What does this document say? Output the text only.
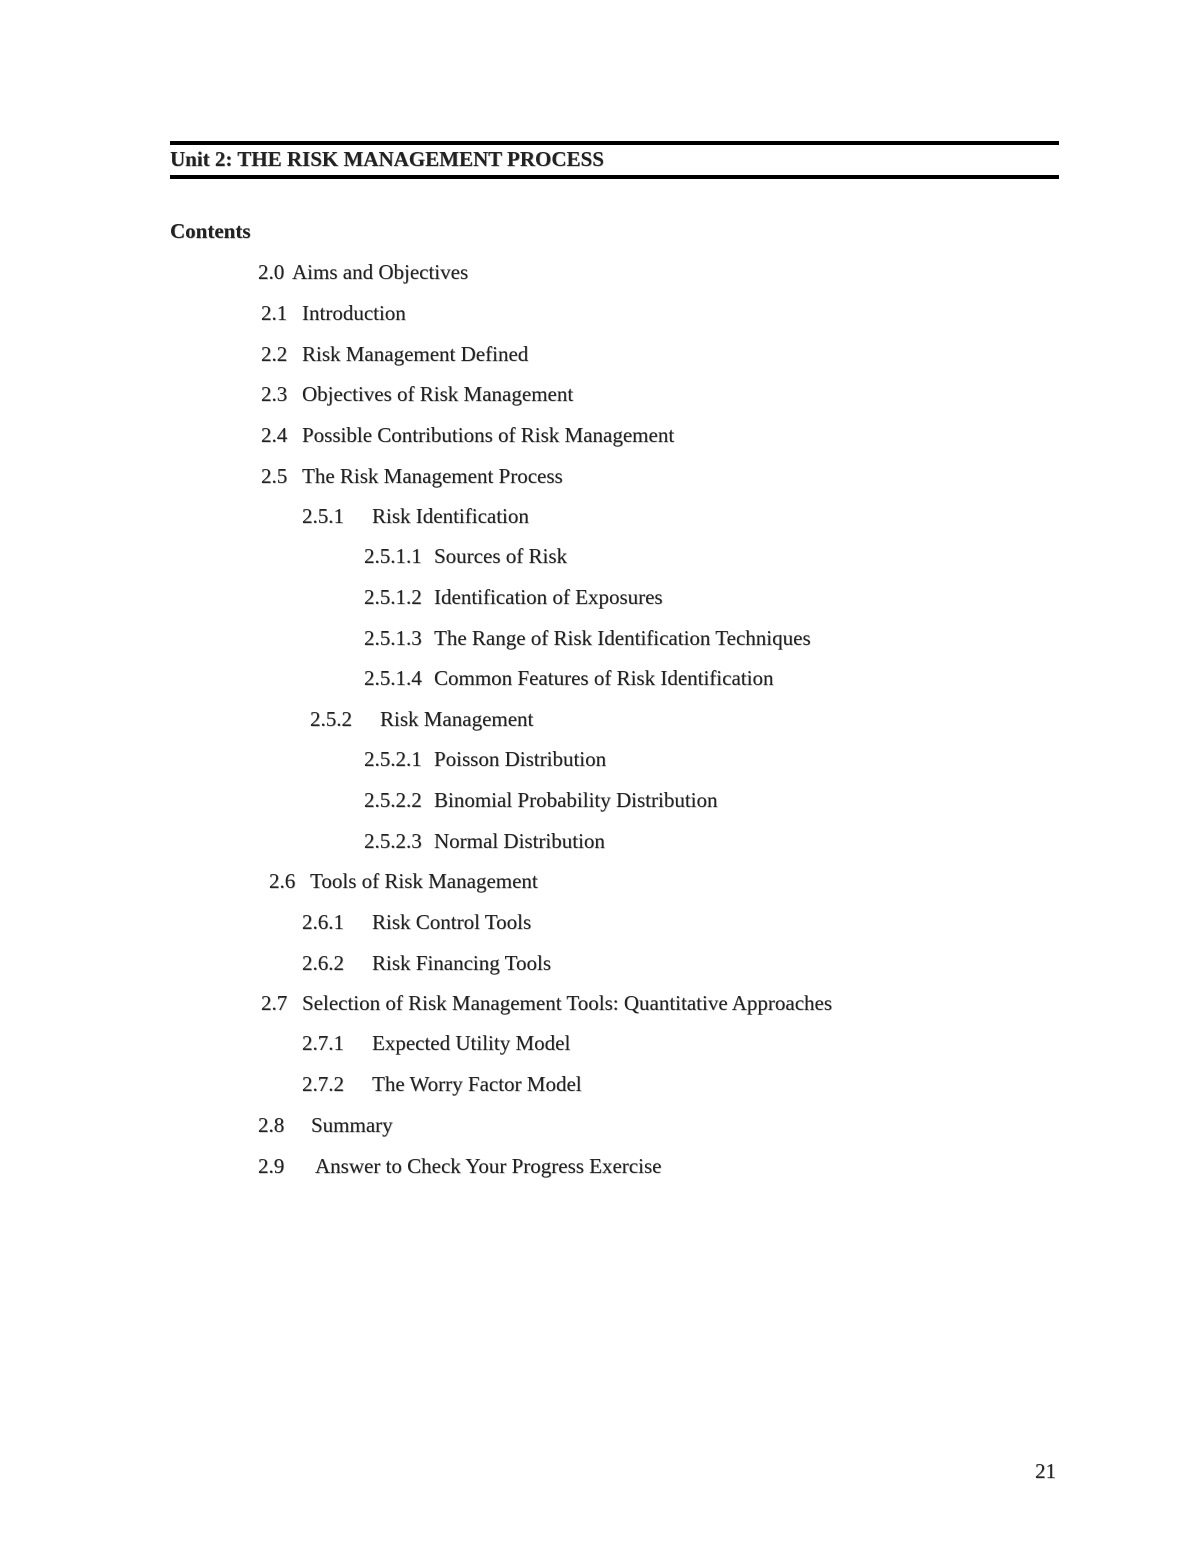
Unit 2: THE RISK MANAGEMENT PROCESS
Contents
2.0 Aims and Objectives
2.1 Introduction
2.2 Risk Management Defined
2.3 Objectives of Risk Management
2.4 Possible Contributions of Risk Management
2.5 The Risk Management Process
2.5.1 Risk Identification
2.5.1.1 Sources of Risk
2.5.1.2 Identification of Exposures
2.5.1.3 The Range of Risk Identification Techniques
2.5.1.4 Common Features of Risk Identification
2.5.2 Risk Management
2.5.2.1 Poisson Distribution
2.5.2.2 Binomial Probability Distribution
2.5.2.3 Normal Distribution
2.6 Tools of Risk Management
2.6.1 Risk Control Tools
2.6.2 Risk Financing Tools
2.7 Selection of Risk Management Tools: Quantitative Approaches
2.7.1 Expected Utility Model
2.7.2 The Worry Factor Model
2.8 Summary
2.9 Answer to Check Your Progress Exercise
21
